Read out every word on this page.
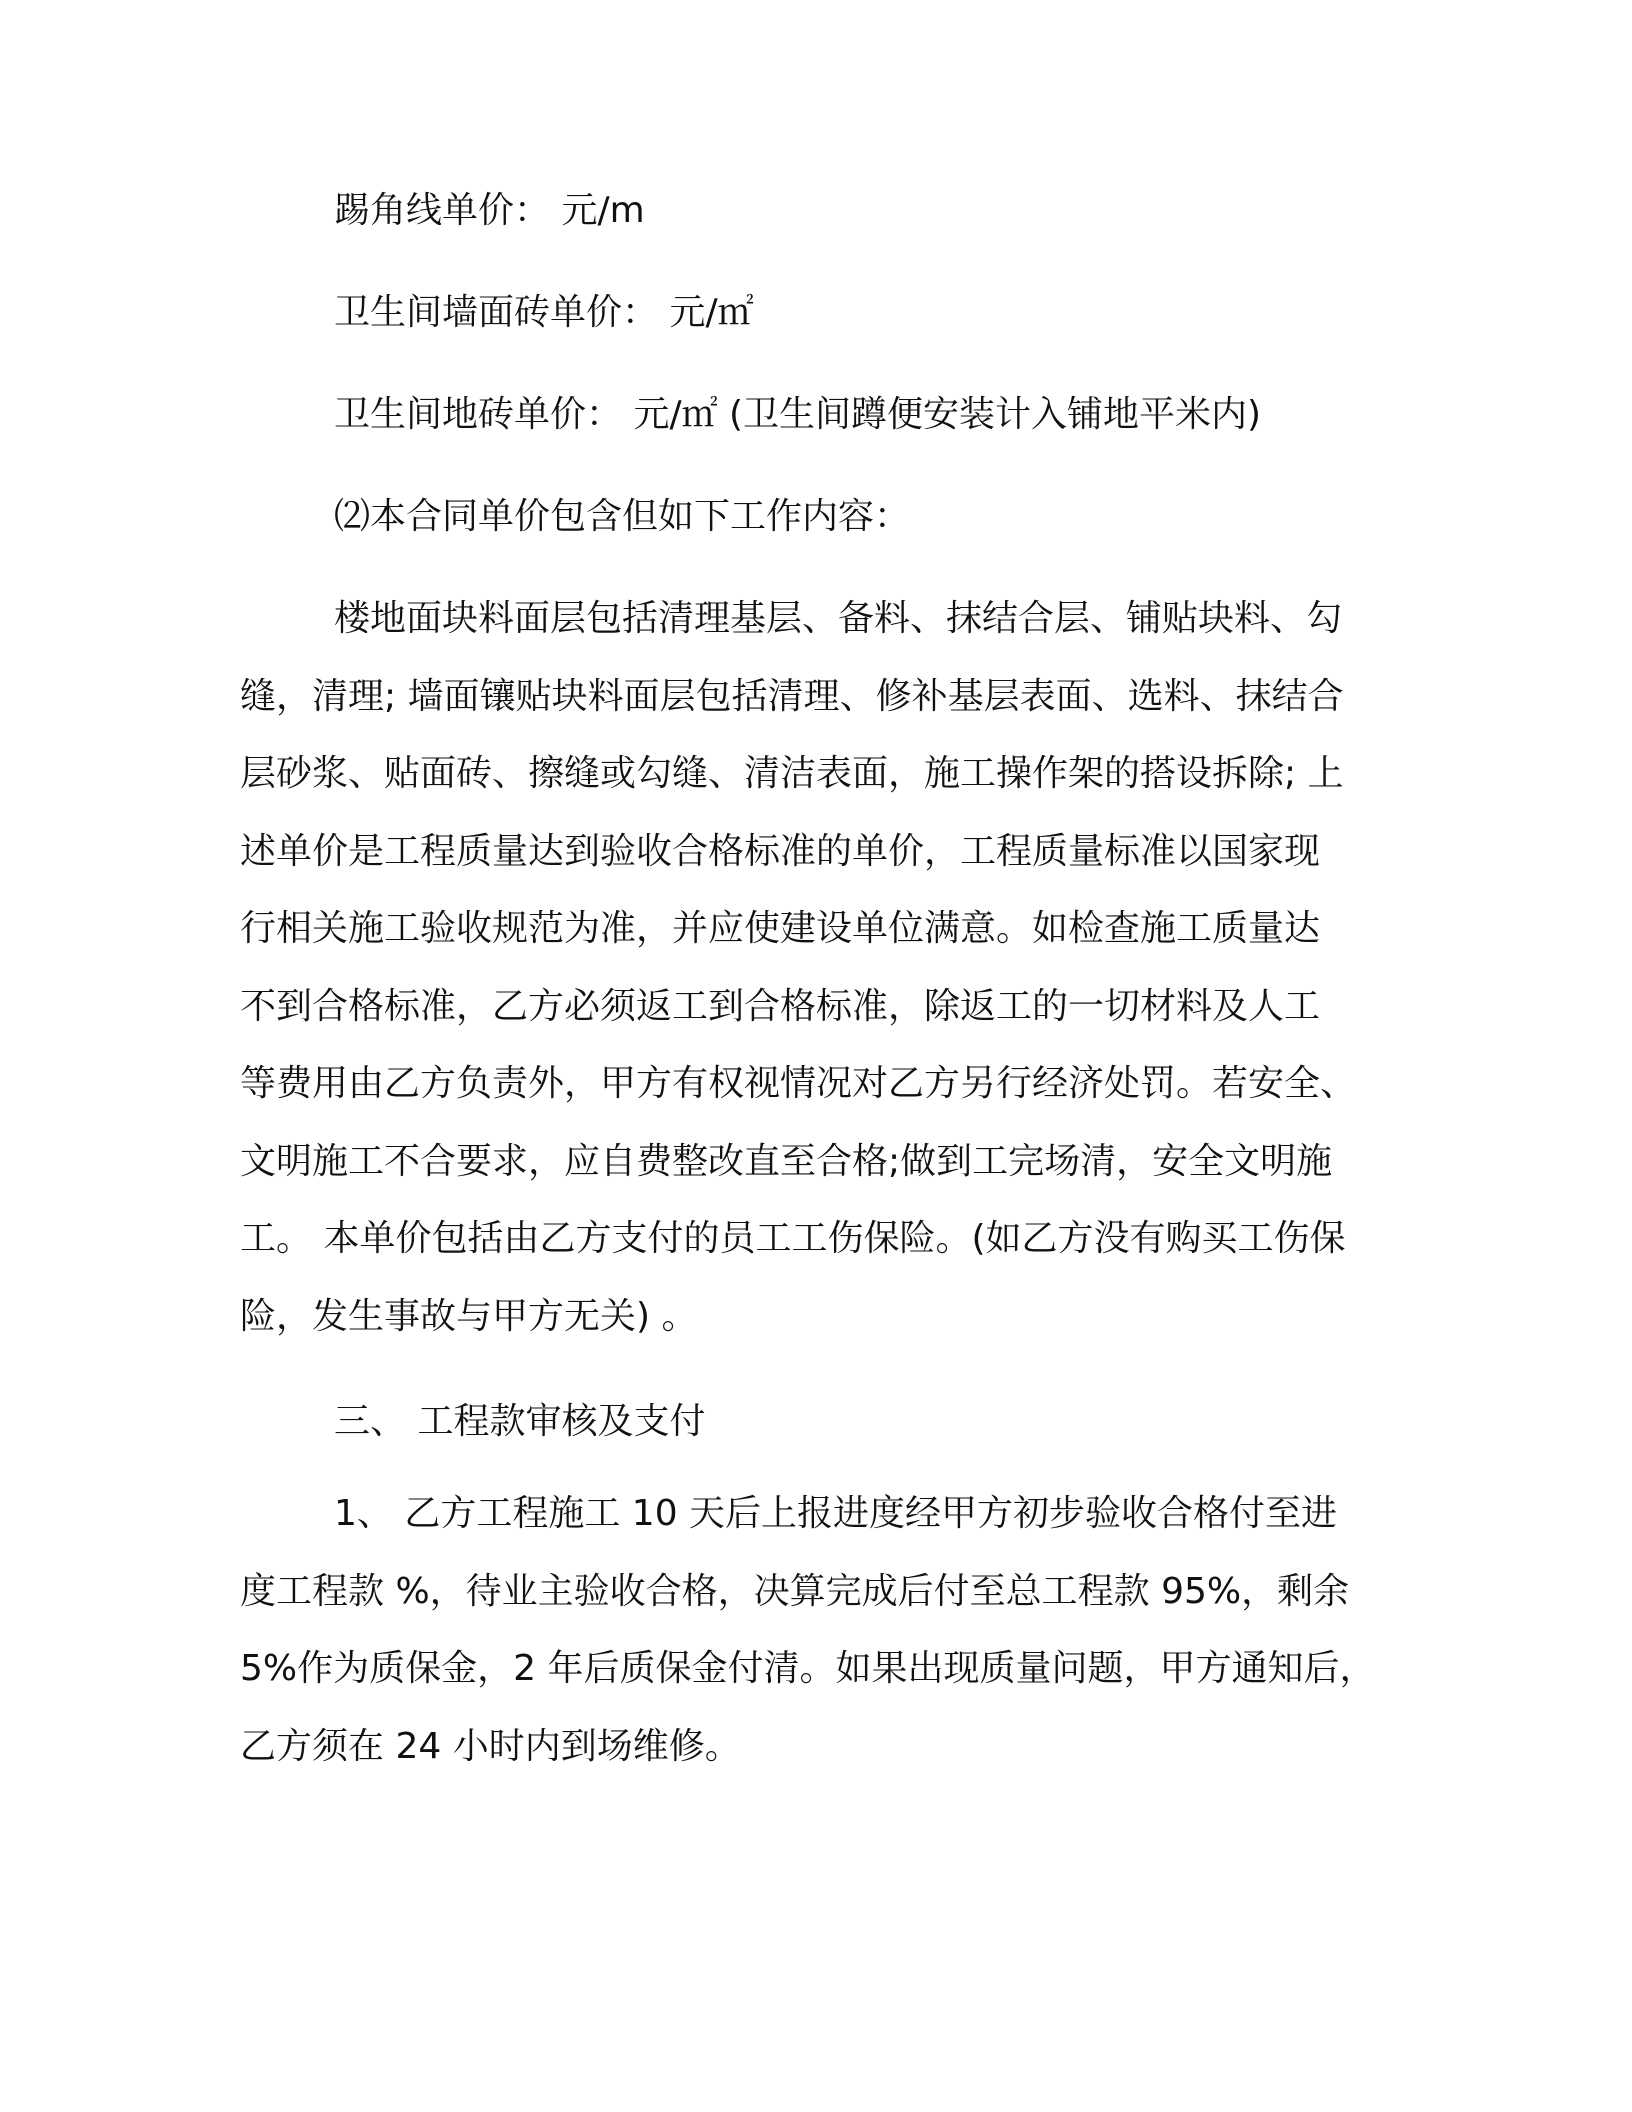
踢角线单价： 元/m

卫生间墙面砖单价： 元/㎡

卫生间地砖单价： 元/㎡ (卫生间蹲便安装计入铺地平米内)

⑵本合同单价包含但如下工作内容：

楼地面块料面层包括清理基层、备料、抹结合层、铺贴块料、勾
缝，清理; 墙面镶贴块料面层包括清理、修补基层表面、选料、抹结合
层砂浆、贴面砖、擦缝或勾缝、清洁表面，施工操作架的搭设拆除; 上
述单价是工程质量达到验收合格标准的单价，工程质量标准以国家现
行相关施工验收规范为准，并应使建设单位满意。如检查施工质量达
不到合格标准，乙方必须返工到合格标准，除返工的一切材料及人工
等费用由乙方负责外，甲方有权视情况对乙方另行经济处罚。若安全、
文明施工不合要求，应自费整改直至合格;做到工完场清，安全文明施
工。 本单价包括由乙方支付的员工工伤保险。(如乙方没有购买工伤保
险，发生事故与甲方无关) 。

三、 工程款审核及支付

1、 乙方工程施工 10 天后上报进度经甲方初步验收合格付至进
度工程款 %，待业主验收合格，决算完成后付至总工程款 95%，剩余
5%作为质保金，2 年后质保金付清。如果出现质量问题，甲方通知后，
乙方须在 24 小时内到场维修。
